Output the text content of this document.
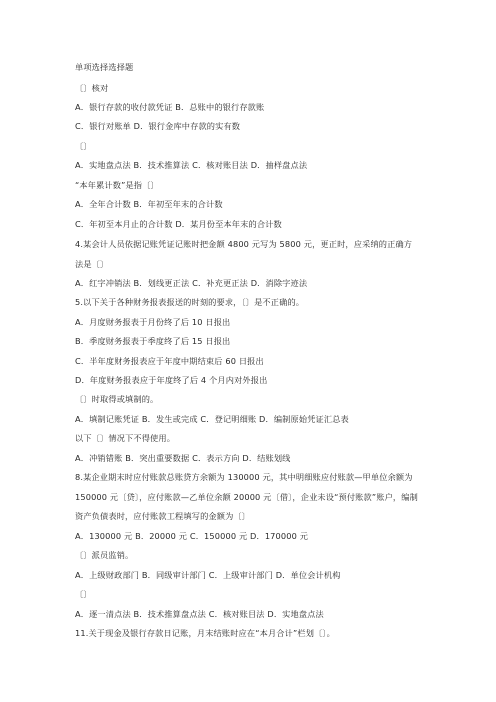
单项选择选择题
〔〕核对
A．银行存款的收付款凭证 B．总账中的银行存款账
C．银行对账单 D．银行金库中存款的实有数
〔〕
A．实地盘点法 B．技术推算法 C．核对账目法 D．抽样盘点法
“本年累计数”是指〔〕
A．全年合计数 B．年初至年末的合计数
C．年初至本月止的合计数 D．某月份至本年末的合计数
4.某会计人员依据记账凭证记账时把金额 4800 元写为 5800 元，更正时，应采纳的正确方法是〔〕
A．红字冲销法 B．划线更正法 C．补充更正法 D．消除字迹法
5.以下关于各种财务报表报送的时刻的要求，〔〕是不正确的。
A．月度财务报表于月份终了后 10 日报出
B．季度财务报表于季度终了后 15 日报出
C．半年度财务报表应于年度中期结束后 60 日报出
D．年度财务报表应于年度终了后 4 个月内对外报出
〔〕时取得或填制的。
A．填制记账凭证 B．发生或完成 C．登记明细账 D．编制原始凭证汇总表
以下〔〕情况下不得使用。
A．冲销错账 B．突出重要数据 C．表示方向 D．结账划线
8.某企业期末时应付账款总账贷方余额为 130000 元，其中明细账应付账款—甲单位余额为 150000 元〔贷〕，应付账款—乙单位余额 20000 元〔借〕，企业未设“预付账款”账户，编制资产负债表时，应付账款工程填写的金额为〔〕
A．130000 元 B．20000 元 C．150000 元 D．170000 元
〔〕派员监销。
A．上级财政部门 B．同级审计部门 C．上级审计部门 D．单位会计机构
〔〕
A．逐一清点法 B．技术推算盘点法 C．核对账目法 D．实地盘点法
11.关于现金及银行存款日记账，月末结账时应在“本月合计”栏划〔〕。
